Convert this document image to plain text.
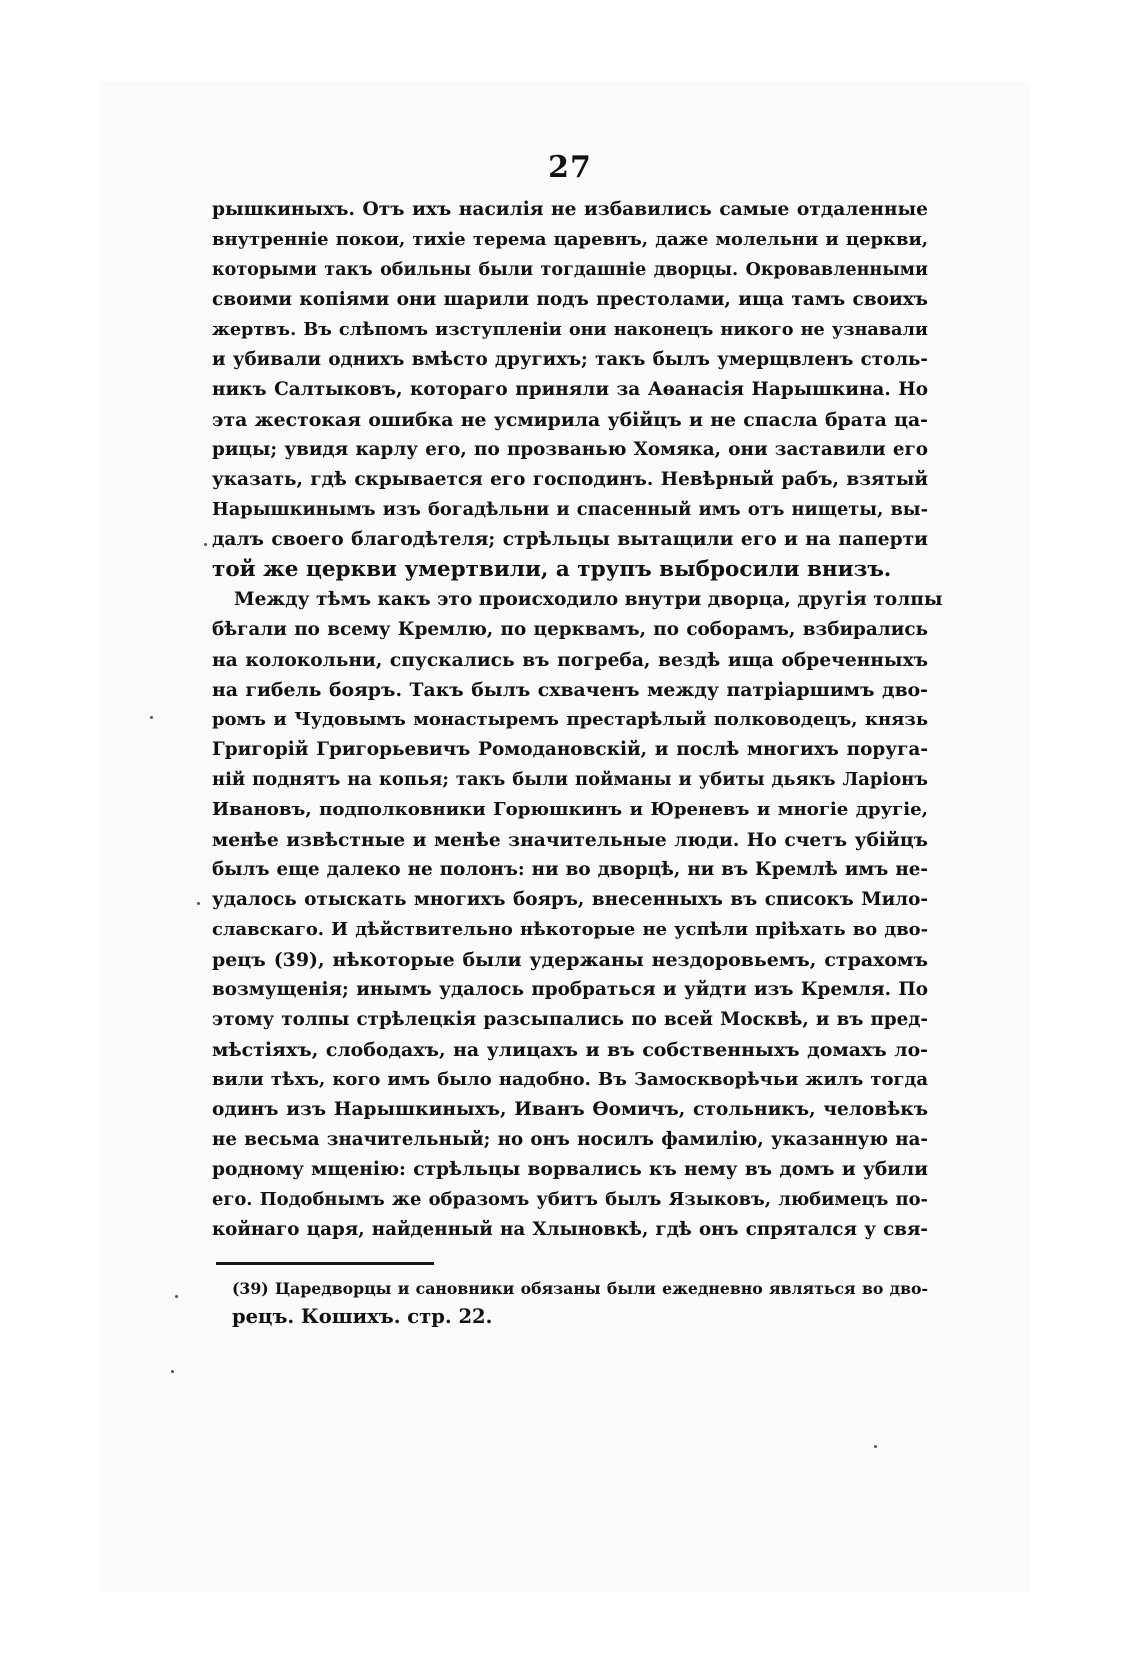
27
рышкиныхъ. Отъ ихъ насилія не избавились самые отдаленные
внутренніе покои, тихіе терема царевнъ, даже молельни и церкви,
которыми такъ обильны были тогдашніе дворцы. Окровавленными
своими копіями они шарили подъ престолами, ища тамъ своихъ
жертвъ. Въ слѣпомъ изступленіи они наконецъ никого не узнавали
и убивали однихъ вмѣсто другихъ; такъ былъ умерщвленъ столь-
никъ Салтыковъ, котораго приняли за Аѳанасія Нарышкина. Но
эта жестокая ошибка не усмирила убійцъ и не спасла брата ца-
рицы; увидя карлу его, по прозванью Хомяка, они заставили его
указать, гдѣ скрывается его господинъ. Невѣрный рабъ, взятый
Нарышкинымъ изъ богадѣльни и спасенный имъ отъ нищеты, вы-
далъ своего благодѣтеля; стрѣльцы вытащили его и на паперти
той же церкви умертвили, а трупъ выбросили внизъ.
Между тѣмъ какъ это происходило внутри дворца, другія толпы
бѣгали по всему Кремлю, по церквамъ, по соборамъ, взбирались
на колокольни, спускались въ погреба, вездѣ ища обреченныхъ
на гибель бояръ. Такъ былъ схваченъ между патріаршимъ дво-
ромъ и Чудовымъ монастыремъ престарѣлый полководецъ, князь
Григорій Григорьевичъ Ромодановскій, и послѣ многихъ поруга-
ній поднятъ на копья; такъ были пойманы и убиты дьякъ Ларіонъ
Ивановъ, подполковники Горюшкинъ и Юреневъ и многіе другіе,
менѣе извѣстные и менѣе значительные люди. Но счетъ убійцъ
былъ еще далеко не полонъ: ни во дворцѣ, ни въ Кремлѣ имъ не-
удалось отыскать многихъ бояръ, внесенныхъ въ списокъ Мило-
славскаго. И дѣйствительно нѣкоторые не успѣли пріѣхать во дво-
рецъ (39), нѣкоторые были удержаны нездоровьемъ, страхомъ
возмущенія; инымъ удалось пробраться и уйдти изъ Кремля. По
этому толпы стрѣлецкія разсыпались по всей Москвѣ, и въ пред-
мѣстіяхъ, слободахъ, на улицахъ и въ собственныхъ домахъ ло-
вили тѣхъ, кого имъ было надобно. Въ Замоскворѣчьи жилъ тогда
одинъ изъ Нарышкиныхъ, Иванъ Ѳомичъ, стольникъ, человѣкъ
не весьма значительный; но онъ носилъ фамилію, указанную на-
родному мщенію: стрѣльцы ворвались къ нему въ домъ и убили
его. Подобнымъ же образомъ убитъ былъ Языковъ, любимецъ по-
койнаго царя, найденный на Хлыновкѣ, гдѣ онъ спрятался у свя-
(39) Царедворцы и сановники обязаны были ежедневно являться во дво-
рецъ. Кошихъ. стр. 22.
